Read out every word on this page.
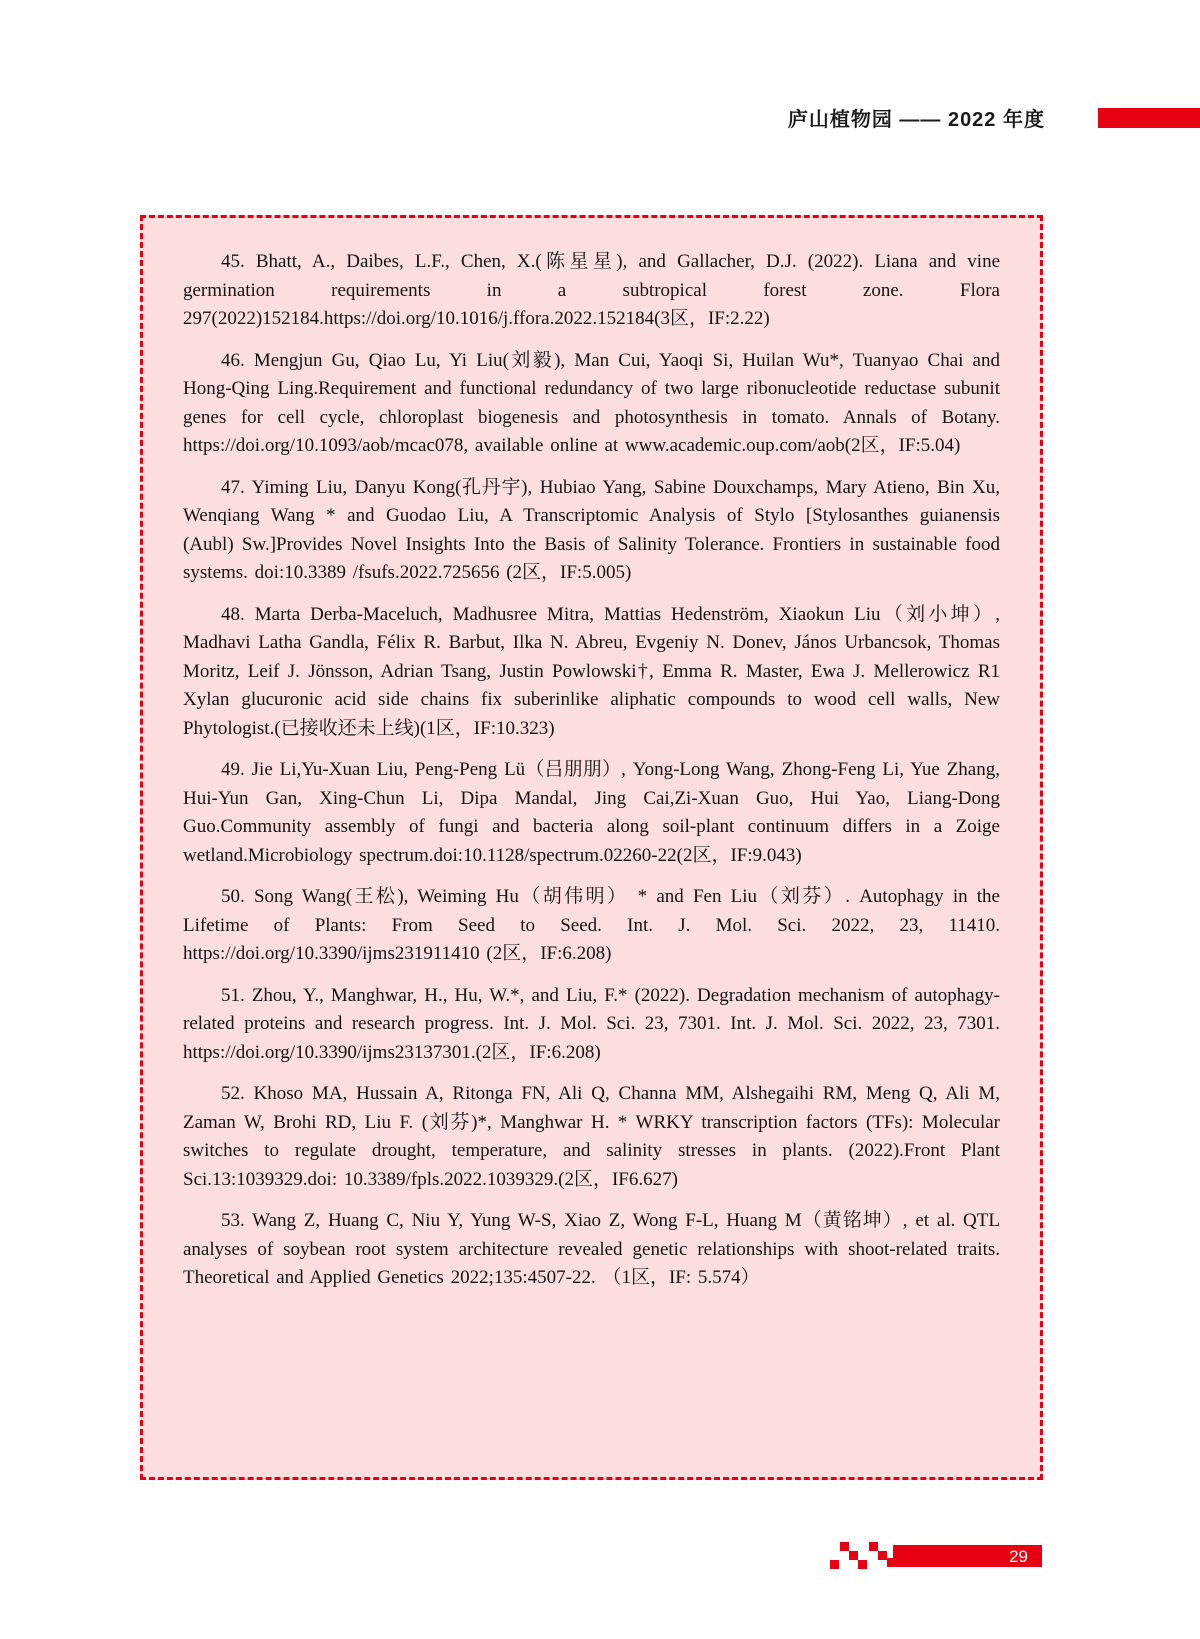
庐山植物园 —— 2022 年度

45. Bhatt, A., Daibes, L.F., Chen, X.(陈星星), and Gallacher, D.J. (2022). Liana and vine germination requirements in a subtropical forest zone. Flora 297(2022)152184.https://doi.org/10.1016/j.ffora.2022.152184(3区，IF:2.22)

46. Mengjun Gu, Qiao Lu, Yi Liu(刘毅), Man Cui, Yaoqi Si, Huilan Wu*, Tuanyao Chai and Hong-Qing Ling.Requirement and functional redundancy of two large ribonucleotide reductase subunit genes for cell cycle, chloroplast biogenesis and photosynthesis in tomato. Annals of Botany. https://doi.org/10.1093/aob/mcac078, available online at www.academic.oup.com/aob(2区，IF:5.04)

47. Yiming Liu, Danyu Kong(孔丹宇), Hubiao Yang, Sabine Douxchamps, Mary Atieno, Bin Xu, Wenqiang Wang * and Guodao Liu, A Transcriptomic Analysis of Stylo [Stylosanthes guianensis (Aubl) Sw.]Provides Novel Insights Into the Basis of Salinity Tolerance. Frontiers in sustainable food systems. doi:10.3389 /fsufs.2022.725656 (2区，IF:5.005)

48. Marta Derba-Maceluch, Madhusree Mitra, Mattias Hedenström, Xiaokun Liu（刘小坤）, Madhavi Latha Gandla, Félix R. Barbut, Ilka N. Abreu, Evgeniy N. Donev, János Urbancsok, Thomas Moritz, Leif J. Jönsson, Adrian Tsang, Justin Powlowski†, Emma R. Master, Ewa J. Mellerowicz R1 Xylan glucuronic acid side chains fix suberinlike aliphatic compounds to wood cell walls, New Phytologist.(已接收还未上线)(1区，IF:10.323)

49. Jie Li,Yu-Xuan Liu, Peng-Peng Lü（吕朋朋）, Yong-Long Wang, Zhong-Feng Li, Yue Zhang, Hui-Yun Gan, Xing-Chun Li, Dipa Mandal, Jing Cai,Zi-Xuan Guo, Hui Yao, Liang-Dong Guo.Community assembly of fungi and bacteria along soil-plant continuum differs in a Zoige wetland.Microbiology spectrum.doi:10.1128/spectrum.02260-22(2区，IF:9.043)

50. Song Wang(王松), Weiming Hu（胡伟明） * and Fen Liu（刘芬）. Autophagy in the Lifetime of Plants: From Seed to Seed. Int. J. Mol. Sci. 2022, 23, 11410. https://doi.org/10.3390/ijms231911410 (2区，IF:6.208)

51. Zhou, Y., Manghwar, H., Hu, W.*, and Liu, F.* (2022). Degradation mechanism of autophagy-related proteins and research progress. Int. J. Mol. Sci. 23, 7301. Int. J. Mol. Sci. 2022, 23, 7301. https://doi.org/10.3390/ijms23137301.(2区，IF:6.208)

52. Khoso MA, Hussain A, Ritonga FN, Ali Q, Channa MM, Alshegaihi RM, Meng Q, Ali M, Zaman W, Brohi RD, Liu F. (刘芬)*, Manghwar H. * WRKY transcription factors (TFs): Molecular switches to regulate drought, temperature, and salinity stresses in plants. (2022).Front Plant Sci.13:1039329.doi: 10.3389/fpls.2022.1039329.(2区，IF6.627)

53. Wang Z, Huang C, Niu Y, Yung W-S, Xiao Z, Wong F-L, Huang M（黄铭坤）, et al. QTL analyses of soybean root system architecture revealed genetic relationships with shoot-related traits. Theoretical and Applied Genetics 2022;135:4507-22. （1区，IF: 5.574）

29
